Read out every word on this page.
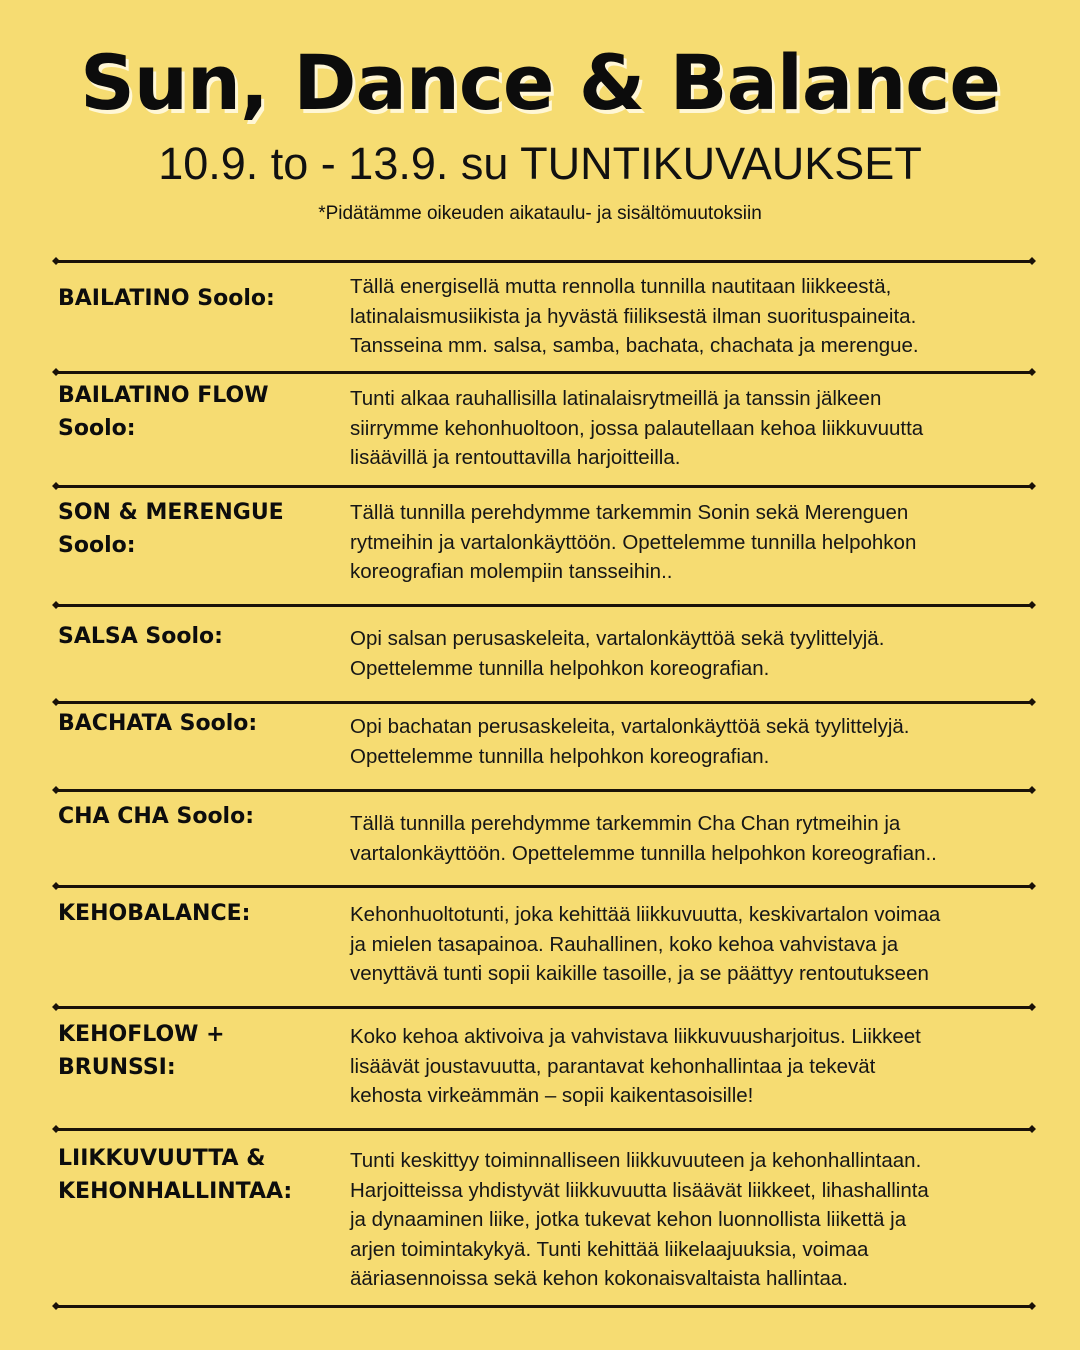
Sun, Dance & Balance
10.9. to - 13.9. su TUNTIKUVAUKSET
*Pidätämme oikeuden aikataulu- ja sisältömuutoksiin
BAILATINO Soolo:	Tällä energisellä mutta rennolla tunnilla nautitaan liikkeestä,
latinalaismusiikista ja hyvästä fiiliksestä ilman suorituspaineita.
Tansseina mm. salsa, samba, bachata, chachata ja merengue.
BAILATINO FLOW Soolo:
Tunti alkaa rauhallisilla latinalaisrytmeillä ja tanssin jälkeen
siirrymme kehonhuoltoon, jossa palautellaan kehoa liikkuvuutta
lisäävillä ja rentouttavilla harjoitteilla.
SON & MERENGUE Soolo:
Tällä tunnilla perehdymme tarkemmin Sonin sekä Merenguen
rytmeihin ja vartalonkäyttöön. Opettelemme tunnilla helpohkon
koreografian molempiin tansseihin..
SALSA Soolo:	Opi salsan perusaskeleita, vartalonkäyttöä sekä tyylittelyjä.
Opettelemme tunnilla helpohkon koreografian.
BACHATA Soolo:	Opi bachatan perusaskeleita, vartalonkäyttöä sekä tyylittelyjä.
Opettelemme tunnilla helpohkon koreografian.
CHA CHA Soolo:	Tällä tunnilla perehdymme tarkemmin Cha Chan rytmeihin ja
vartalonkäyttöön. Opettelemme tunnilla helpohkon koreografian..
KEHOBALANCE:	Kehonhuoltotunti, joka kehittää liikkuvuutta, keskivartalon voimaa
ja mielen tasapainoa. Rauhallinen, koko kehoa vahvistava ja
venyttävä tunti sopii kaikille tasoille, ja se päättyy rentoutukseen
KEHOFLOW + BRUNSSI:
Koko kehoa aktivoiva ja vahvistava liikkuvuusharjoitus. Liikkeet
lisäävät joustavuutta, parantavat kehonhallintaa ja tekevät
kehosta virkeämmän – sopii kaikentasoisille!
LIIKKUVUUTTA & KEHONHALLINTAA:
Tunti keskittyy toiminnalliseen liikkuvuuteen ja kehonhallintaan.
Harjoitteissa yhdistyvät liikkuvuutta lisäävät liikkeet, lihashallinta
ja dynaaminen liike, jotka tukevat kehon luonnollista liikettä ja
arjen toimintakykyä. Tunti kehittää liikelaajuuksia, voimaa
ääriasennoissa sekä kehon kokonaisvaltaista hallintaa.
